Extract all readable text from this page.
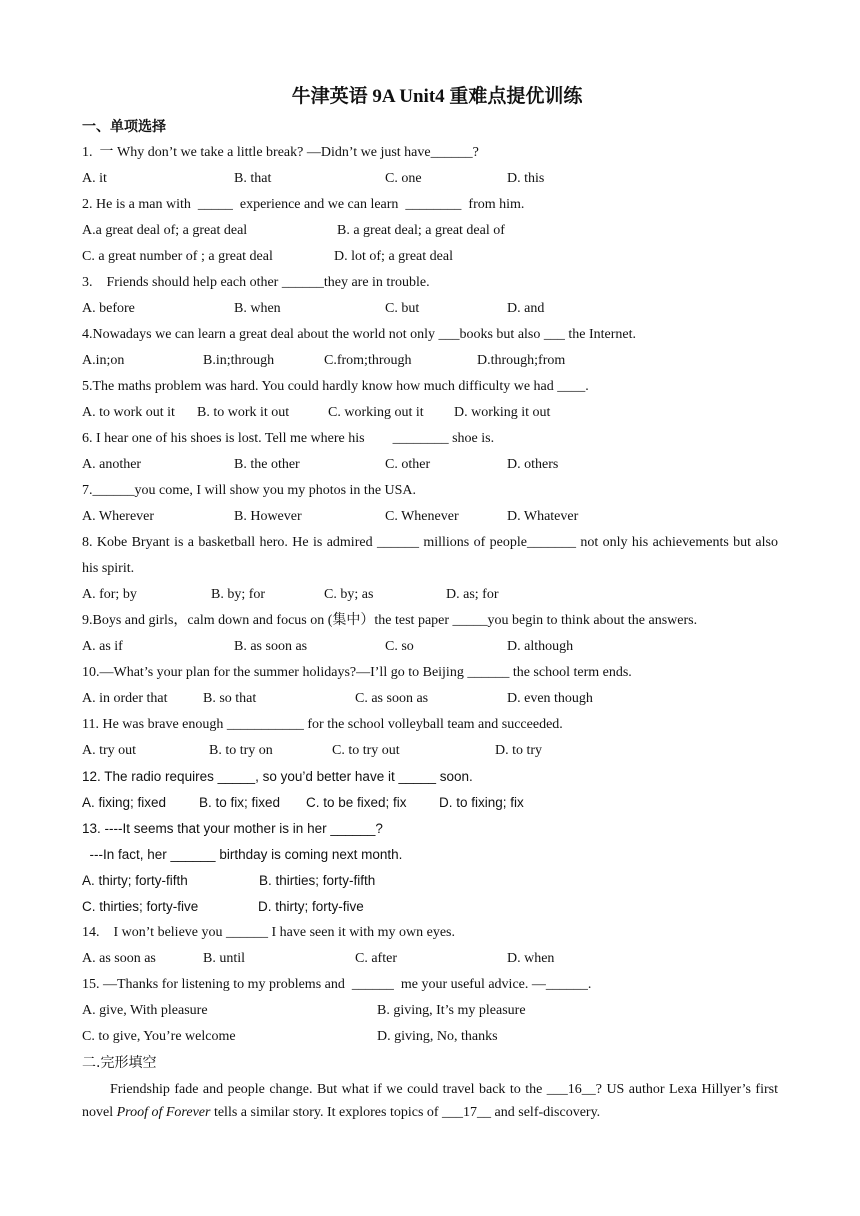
牛津英语 9A Unit4 重难点提优训练
一、单项选择
1.  一 Why don’t we take a little break? —Didn’t we just have______?
A. it	B. that	C. one	D. this
2. He is a man with  _____  experience and we can learn  ________  from him.
A.a great deal of; a great deal	B. a great deal; a great deal of
C. a great number of ; a great deal	D. lot of; a great deal
3.    Friends should help each other ______they are in trouble.
A. before	B. when	C. but	D. and
4.Nowadays we can learn a great deal about the world not only ___books but also ___ the Internet.
A.in;on	B.in;through	C.from;through	D.through;from
5.The maths problem was hard. You could hardly know how much difficulty we had ____.
A. to work out it B. to work it out	C. working out it D. working it out
6. I hear one of his shoes is lost. Tell me where his        ________ shoe is.
A. another	B. the other	C. other	D. others
7.______you come, I will show you my photos in the USA.
A. Wherever	B. However	C. Whenever	D. Whatever
8. Kobe Bryant is a basketball hero. He is admired ______ millions of people_______ not only his achievements but also his spirit.
A. for; by	B. by; for	C. by; as	D. as; for
9.Boys and girls，calm down and focus on (集中）the test paper _____you begin to think about the answers.
A. as if	B. as soon as	C. so	D. although
10.—What’s your plan for the summer holidays?—I’ll go to Beijing ______ the school term ends.
A. in order that	B. so that	C. as soon as	D. even though
11. He was brave enough ___________ for the school volleyball team and succeeded.
A. try out	B. to try on	C. to try out	D. to try
12. The radio requires _____, so you’d better have it _____ soon.
A. fixing; fixed B. to fix; fixed C. to be fixed; fix D. to fixing; fix
13. ----It seems that your mother is in her ______?
---In fact, her ______ birthday is coming next month.
A. thirty; forty-fifth	B. thirties; forty-fifth
C. thirties; forty-five	D. thirty; forty-five
14.    I won’t believe you ______ I have seen it with my own eyes.
A. as soon as	B. until	C. after	D. when
15. —Thanks for listening to my problems and  ______  me your useful advice. —______.
A. give, With pleasure	B. giving, It’s my pleasure
C. to give, You’re welcome	D. giving, No, thanks
二.完形填空
Friendship fade and people change. But what if we could travel back to the ___16__? US author Lexa Hillyer’s first novel Proof of Forever tells a similar story. It explores topics of ___17__ and self-discovery.
